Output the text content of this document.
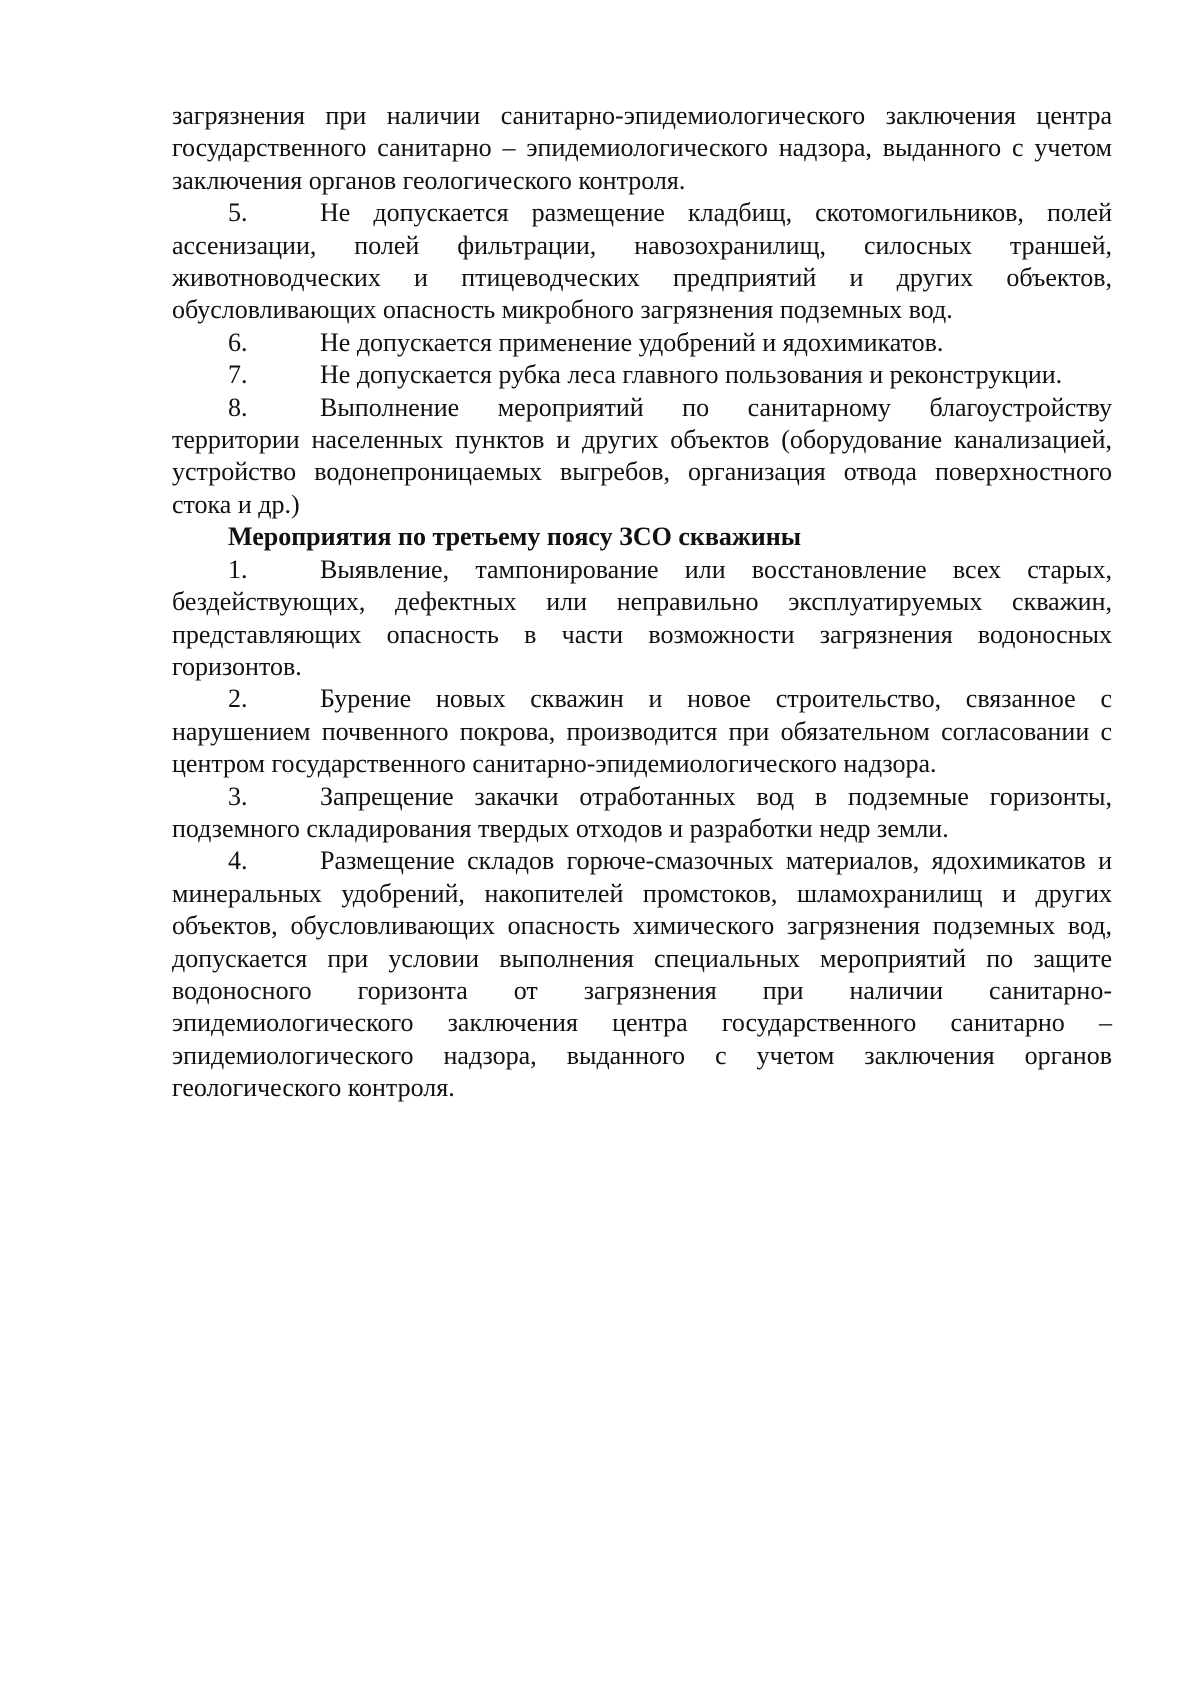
загрязнения при наличии санитарно-эпидемиологического заключения центра государственного санитарно – эпидемиологического надзора, выданного с учетом заключения органов геологического контроля.

5.	Не допускается размещение кладбищ, скотомогильников, полей ассенизации, полей фильтрации, навозохранилищ, силосных траншей, животноводческих и птицеводческих предприятий и других объектов, обусловливающих опасность микробного загрязнения подземных вод.

6.	Не допускается применение удобрений и ядохимикатов.

7.	Не допускается рубка леса главного пользования и реконструкции.

8.	Выполнение мероприятий по санитарному благоустройству территории населенных пунктов и других объектов (оборудование канализацией, устройство водонепроницаемых выгребов, организация отвода поверхностного стока и др.)

Мероприятия по третьему поясу ЗСО скважины

1.	Выявление, тампонирование или восстановление всех старых, бездействующих, дефектных или неправильно эксплуатируемых скважин, представляющих опасность в части возможности загрязнения водоносных горизонтов.

2.	Бурение новых скважин и новое строительство, связанное с нарушением почвенного покрова, производится при обязательном согласовании с центром государственного санитарно-эпидемиологического надзора.

3.	Запрещение закачки отработанных вод в подземные горизонты, подземного складирования твердых отходов и разработки недр земли.

4.	Размещение складов горюче-смазочных материалов, ядохимикатов и минеральных удобрений, накопителей промстоков, шламохранилищ и других объектов, обусловливающих опасность химического загрязнения подземных вод, допускается при условии выполнения специальных мероприятий по защите водоносного горизонта от загрязнения при наличии санитарно-эпидемиологического заключения центра государственного санитарно – эпидемиологического надзора, выданного с учетом заключения органов геологического контроля.
